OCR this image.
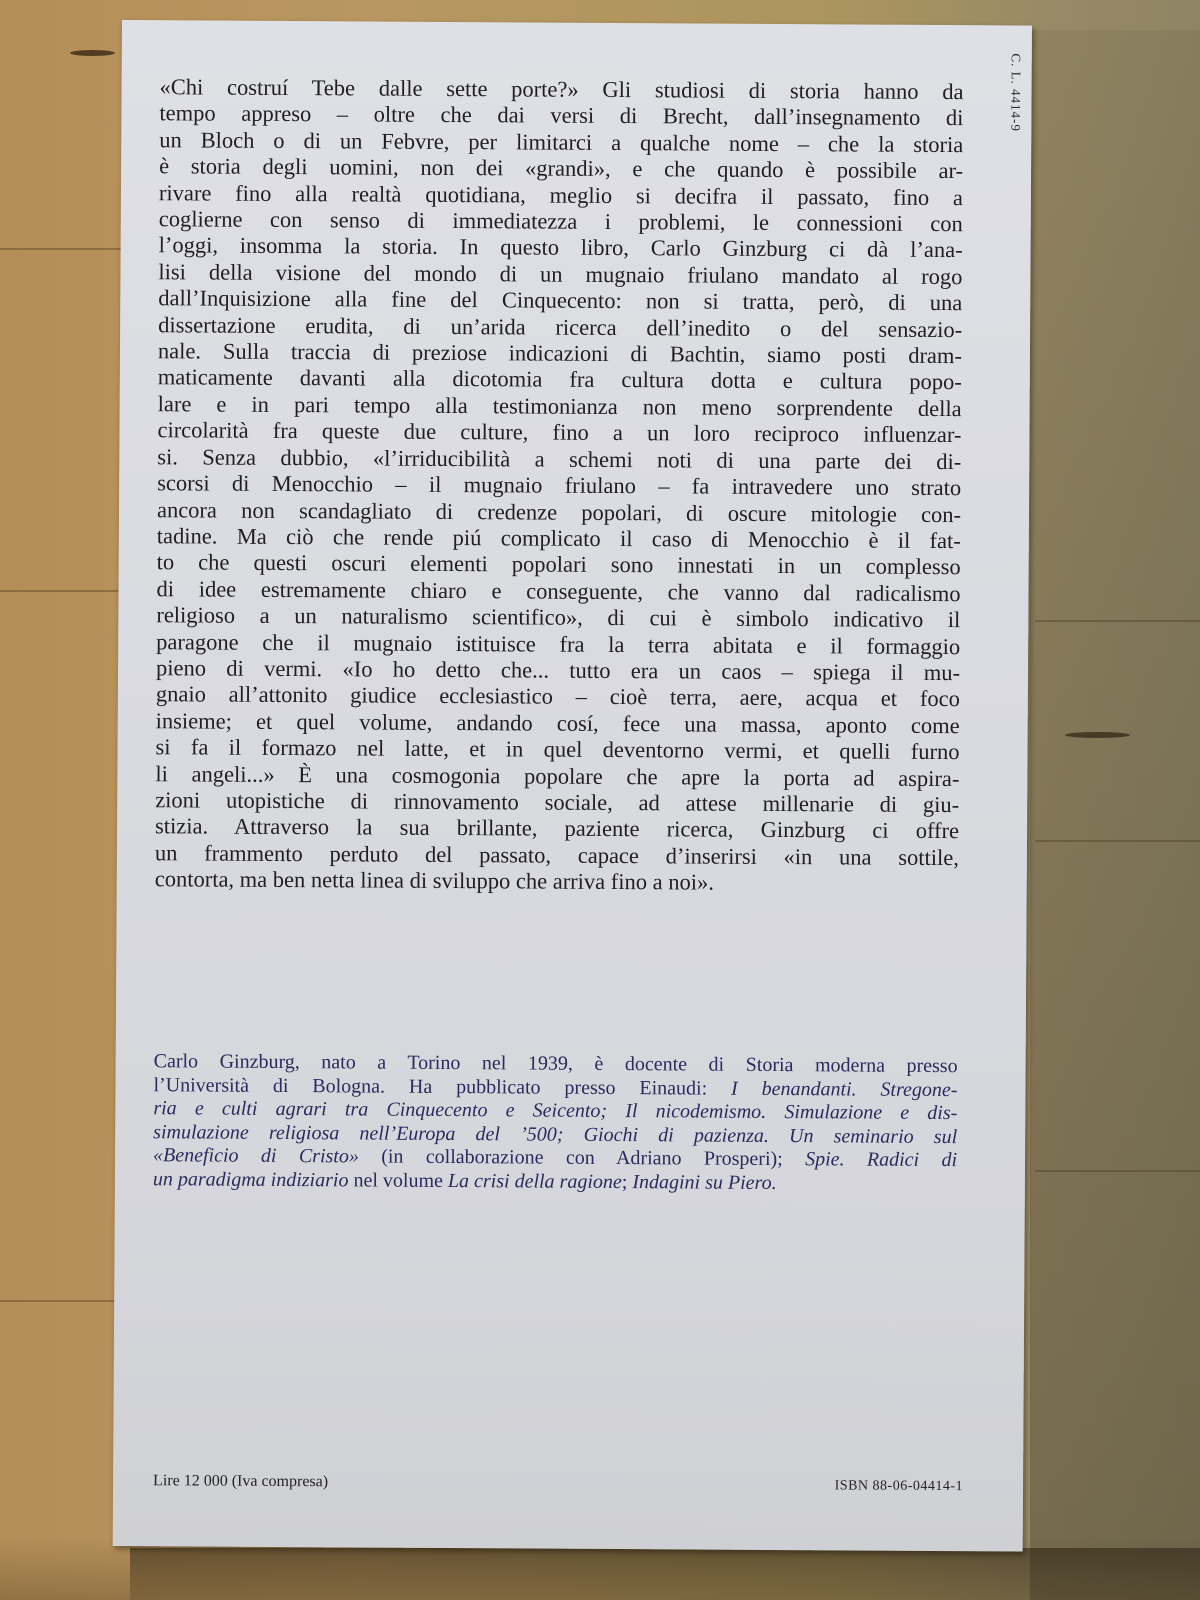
C. L. 4414-9
«Chi costruí Tebe dalle sette porte?» Gli studiosi di storia hanno da
tempo appreso – oltre che dai versi di Brecht, dall’insegnamento di
un Bloch o di un Febvre, per limitarci a qualche nome – che la storia
è storia degli uomini, non dei «grandi», e che quando è possibile ar-
rivare fino alla realtà quotidiana, meglio si decifra il passato, fino a
coglierne con senso di immediatezza i problemi, le connessioni con
l’oggi, insomma la storia. In questo libro, Carlo Ginzburg ci dà l’ana-
lisi della visione del mondo di un mugnaio friulano mandato al rogo
dall’Inquisizione alla fine del Cinquecento: non si tratta, però, di una
dissertazione erudita, di un’arida ricerca dell’inedito o del sensazio-
nale. Sulla traccia di preziose indicazioni di Bachtin, siamo posti dram-
maticamente davanti alla dicotomia fra cultura dotta e cultura popo-
lare e in pari tempo alla testimonianza non meno sorprendente della
circolarità fra queste due culture, fino a un loro reciproco influenzar-
si. Senza dubbio, «l’irriducibilità a schemi noti di una parte dei di-
scorsi di Menocchio – il mugnaio friulano – fa intravedere uno strato
ancora non scandagliato di credenze popolari, di oscure mitologie con-
tadine. Ma ciò che rende piú complicato il caso di Menocchio è il fat-
to che questi oscuri elementi popolari sono innestati in un complesso
di idee estremamente chiaro e conseguente, che vanno dal radicalismo
religioso a un naturalismo scientifico», di cui è simbolo indicativo il
paragone che il mugnaio istituisce fra la terra abitata e il formaggio
pieno di vermi. «Io ho detto che... tutto era un caos – spiega il mu-
gnaio all’attonito giudice ecclesiastico – cioè terra, aere, acqua et foco
insieme; et quel volume, andando cosí, fece una massa, aponto come
si fa il formazo nel latte, et in quel deventorno vermi, et quelli furno
li angeli...» È una cosmogonia popolare che apre la porta ad aspira-
zioni utopistiche di rinnovamento sociale, ad attese millenarie di giu-
stizia. Attraverso la sua brillante, paziente ricerca, Ginzburg ci offre
un frammento perduto del passato, capace d’inserirsi «in una sottile,
contorta, ma ben netta linea di sviluppo che arriva fino a noi».
Carlo Ginzburg, nato a Torino nel 1939, è docente di Storia moderna presso
l’Università di Bologna. Ha pubblicato presso Einaudi: I benandanti. Stregone-
ria e culti agrari tra Cinquecento e Seicento; Il nicodemismo. Simulazione e dis-
simulazione religiosa nell’Europa del ’500; Giochi di pazienza. Un seminario sul
«Beneficio di Cristo» (in collaborazione con Adriano Prosperi); Spie. Radici di
un paradigma indiziario nel volume La crisi della ragione; Indagini su Piero.
Lire 12 000 (Iva compresa)	ISBN 88-06-04414-1
